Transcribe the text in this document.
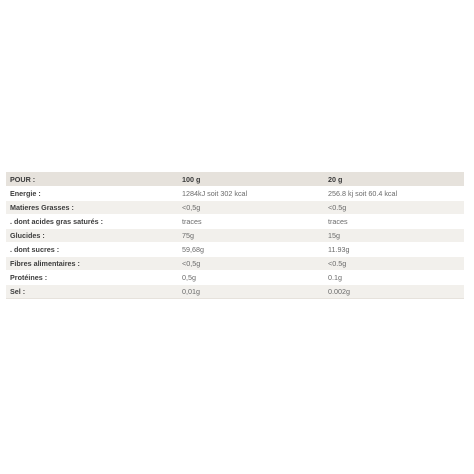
POUR :	100 g	20 g
Energie :	1284kJ soit 302 kcal	256.8 kj soit 60.4 kcal
Matieres Grasses :	<0,5g	<0.5g
. dont acides gras saturés :	traces	traces
Glucides :	75g	15g
. dont sucres :	59,68g	11.93g
Fibres alimentaires :	<0,5g	<0.5g
Protéines :	0,5g	0.1g
Sel :	0,01g	0.002g
